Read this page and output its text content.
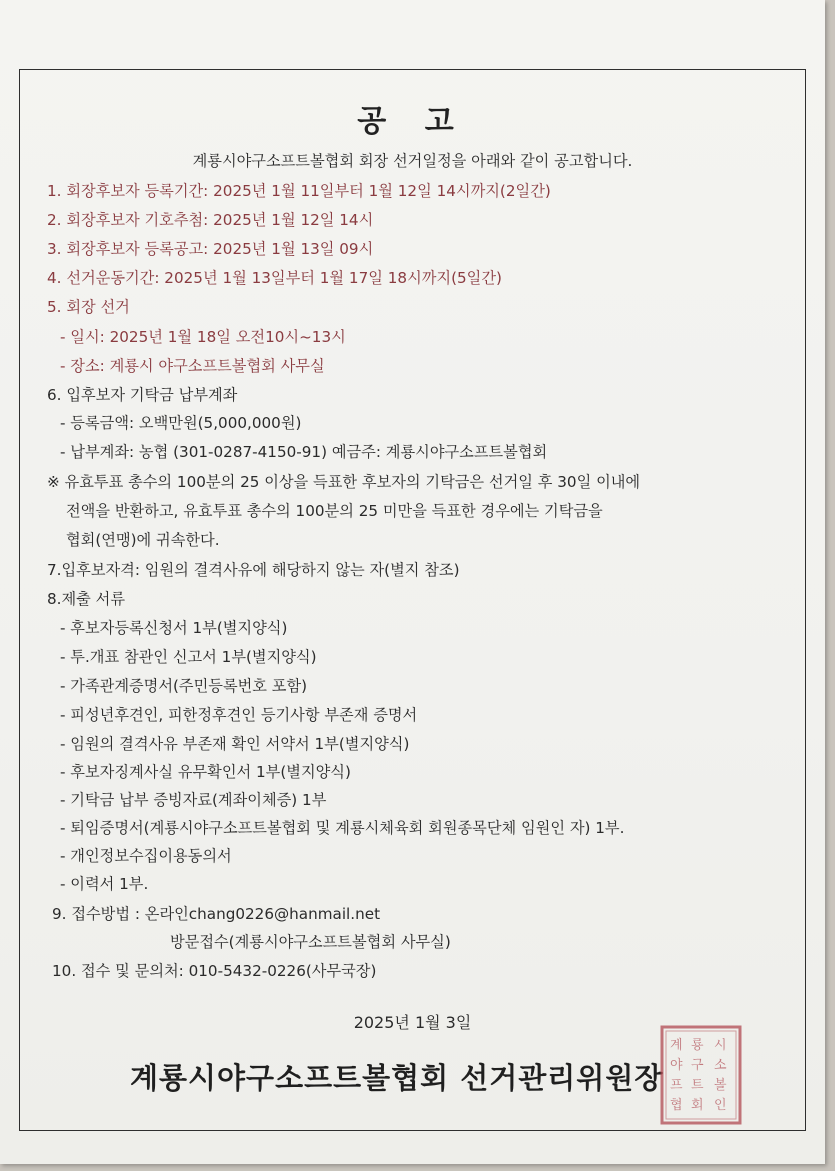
공 고
계룡시야구소프트볼협회 회장 선거일정을 아래와 같이 공고합니다.
1. 회장후보자 등록기간: 2025년 1월 11일부터 1월 12일 14시까지(2일간)
2. 회장후보자 기호추첨: 2025년 1월 12일 14시
3. 회장후보자 등록공고: 2025년 1월 13일 09시
4. 선거운동기간: 2025년 1월 13일부터 1월 17일 18시까지(5일간)
5. 회장 선거
- 일시: 2025년 1월 18일 오전10시~13시
- 장소: 계룡시 야구소프트볼협회 사무실
6. 입후보자 기탁금 납부계좌
- 등록금액: 오백만원(5,000,000원)
- 납부계좌: 농협 (301-0287-4150-91) 예금주: 계룡시야구소프트볼협회
※ 유효투표 총수의 100분의 25 이상을 득표한 후보자의 기탁금은 선거일 후 30일 이내에
전액을 반환하고, 유효투표 총수의 100분의 25 미만을 득표한 경우에는 기탁금을
협회(연맹)에 귀속한다.
7.입후보자격: 임원의 결격사유에 해당하지 않는 자(별지 참조)
8.제출 서류
- 후보자등록신청서 1부(별지양식)
- 투.개표 참관인 신고서 1부(별지양식)
- 가족관계증명서(주민등록번호 포함)
- 피성년후견인, 피한정후견인 등기사항 부존재 증명서
- 임원의 결격사유 부존재 확인 서약서 1부(별지양식)
- 후보자징계사실 유무확인서 1부(별지양식)
- 기탁금 납부 증빙자료(계좌이체증) 1부
- 퇴임증명서(계룡시야구소프트볼협회 및 계룡시체육회 회원종목단체 임원인 자) 1부.
- 개인정보수집이용동의서
- 이력서 1부.
9. 접수방법 : 온라인chang0226@hanmail.net
방문접수(계룡시야구소프트볼협회 사무실)
10. 접수 및 문의처: 010-5432-0226(사무국장)
2025년 1월 3일
계룡시야구소프트볼협회 선거관리위원장
계 룡 시
야 구 소
프 트 볼
협 회 인
